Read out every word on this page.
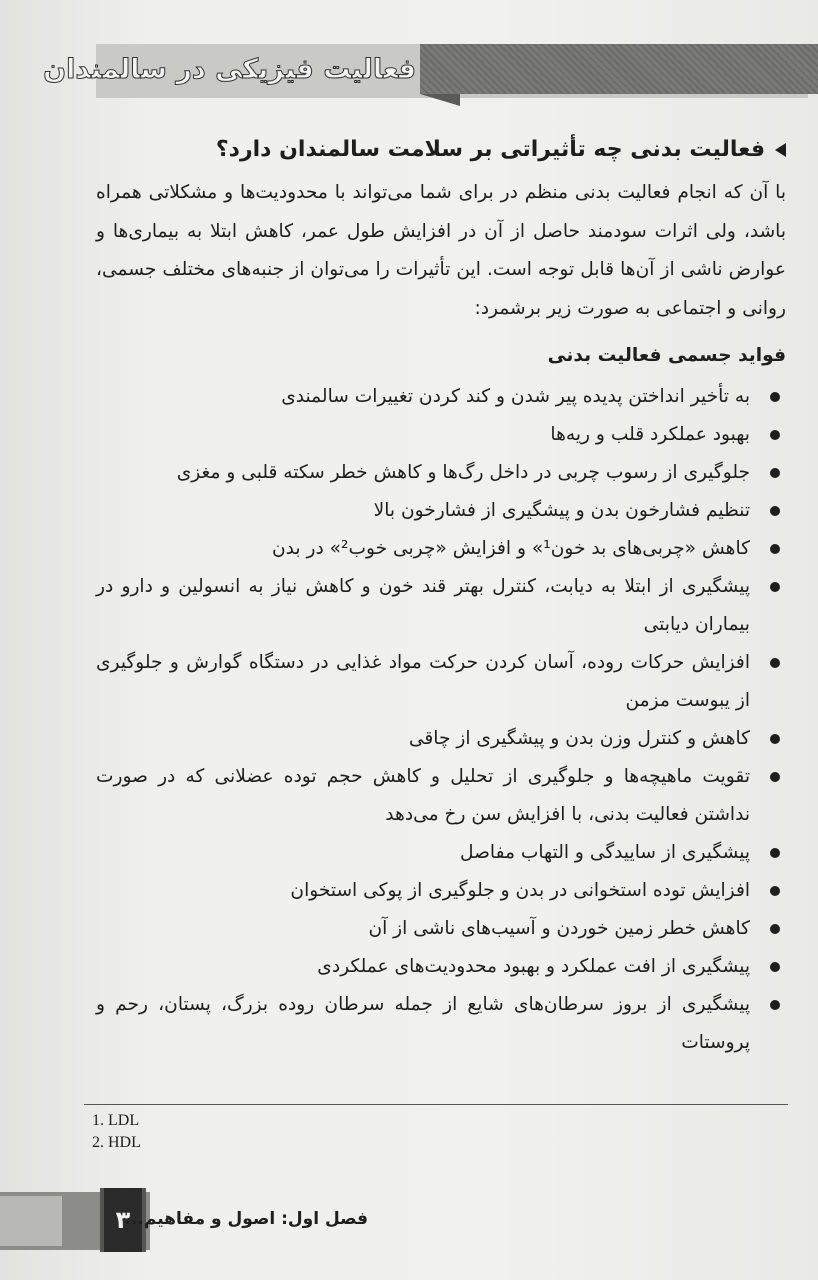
فعالیت فیزیکی در سالمندان
فعالیت بدنی چه تأثیراتی بر سلامت سالمندان دارد؟

با آن که انجام فعالیت بدنی منظم در برای شما می‌تواند با محدودیت‌ها و مشکلاتی همراه باشد، ولی اثرات سودمند حاصل از آن در افزایش طول عمر، کاهش ابتلا به بیماری‌ها و عوارض ناشی از آن‌ها قابل توجه است. این تأثیرات را می‌توان از جنبه‌های مختلف جسمی، روانی و اجتماعی به صورت زیر برشمرد:

فواید جسمی فعالیت بدنی
به تأخیر انداختن پدیده پیر شدن و کند کردن تغییرات سالمندی
بهبود عملکرد قلب و ریه‌ها
جلوگیری از رسوب چربی در داخل رگ‌ها و کاهش خطر سکته قلبی و مغزی
تنظیم فشارخون بدن و پیشگیری از فشارخون بالا
کاهش «چربی‌های بد خون¹» و افزایش «چربی خوب²» در بدن
پیشگیری از ابتلا به دیابت، کنترل بهتر قند خون و کاهش نیاز به انسولین و دارو در بیماران دیابتی
افزایش حرکات روده، آسان کردن حرکت مواد غذایی در دستگاه گوارش و جلوگیری از یبوست مزمن
کاهش و کنترل وزن بدن و پیشگیری از چاقی
تقویت ماهیچه‌ها و جلوگیری از تحلیل و کاهش حجم توده عضلانی که در صورت نداشتن فعالیت بدنی، با افزایش سن رخ می‌دهد
پیشگیری از ساییدگی و التهاب مفاصل
افزایش توده استخوانی در بدن و جلوگیری از پوکی استخوان
کاهش خطر زمین خوردن و آسیب‌های ناشی از آن
پیشگیری از افت عملکرد و بهبود محدودیت‌های عملکردی
پیشگیری از بروز سرطان‌های شایع از جمله سرطان روده بزرگ، پستان، رحم و پروستات
1. LDL
2. HDL
۳
فصل اول: اصول و مفاهیم...
